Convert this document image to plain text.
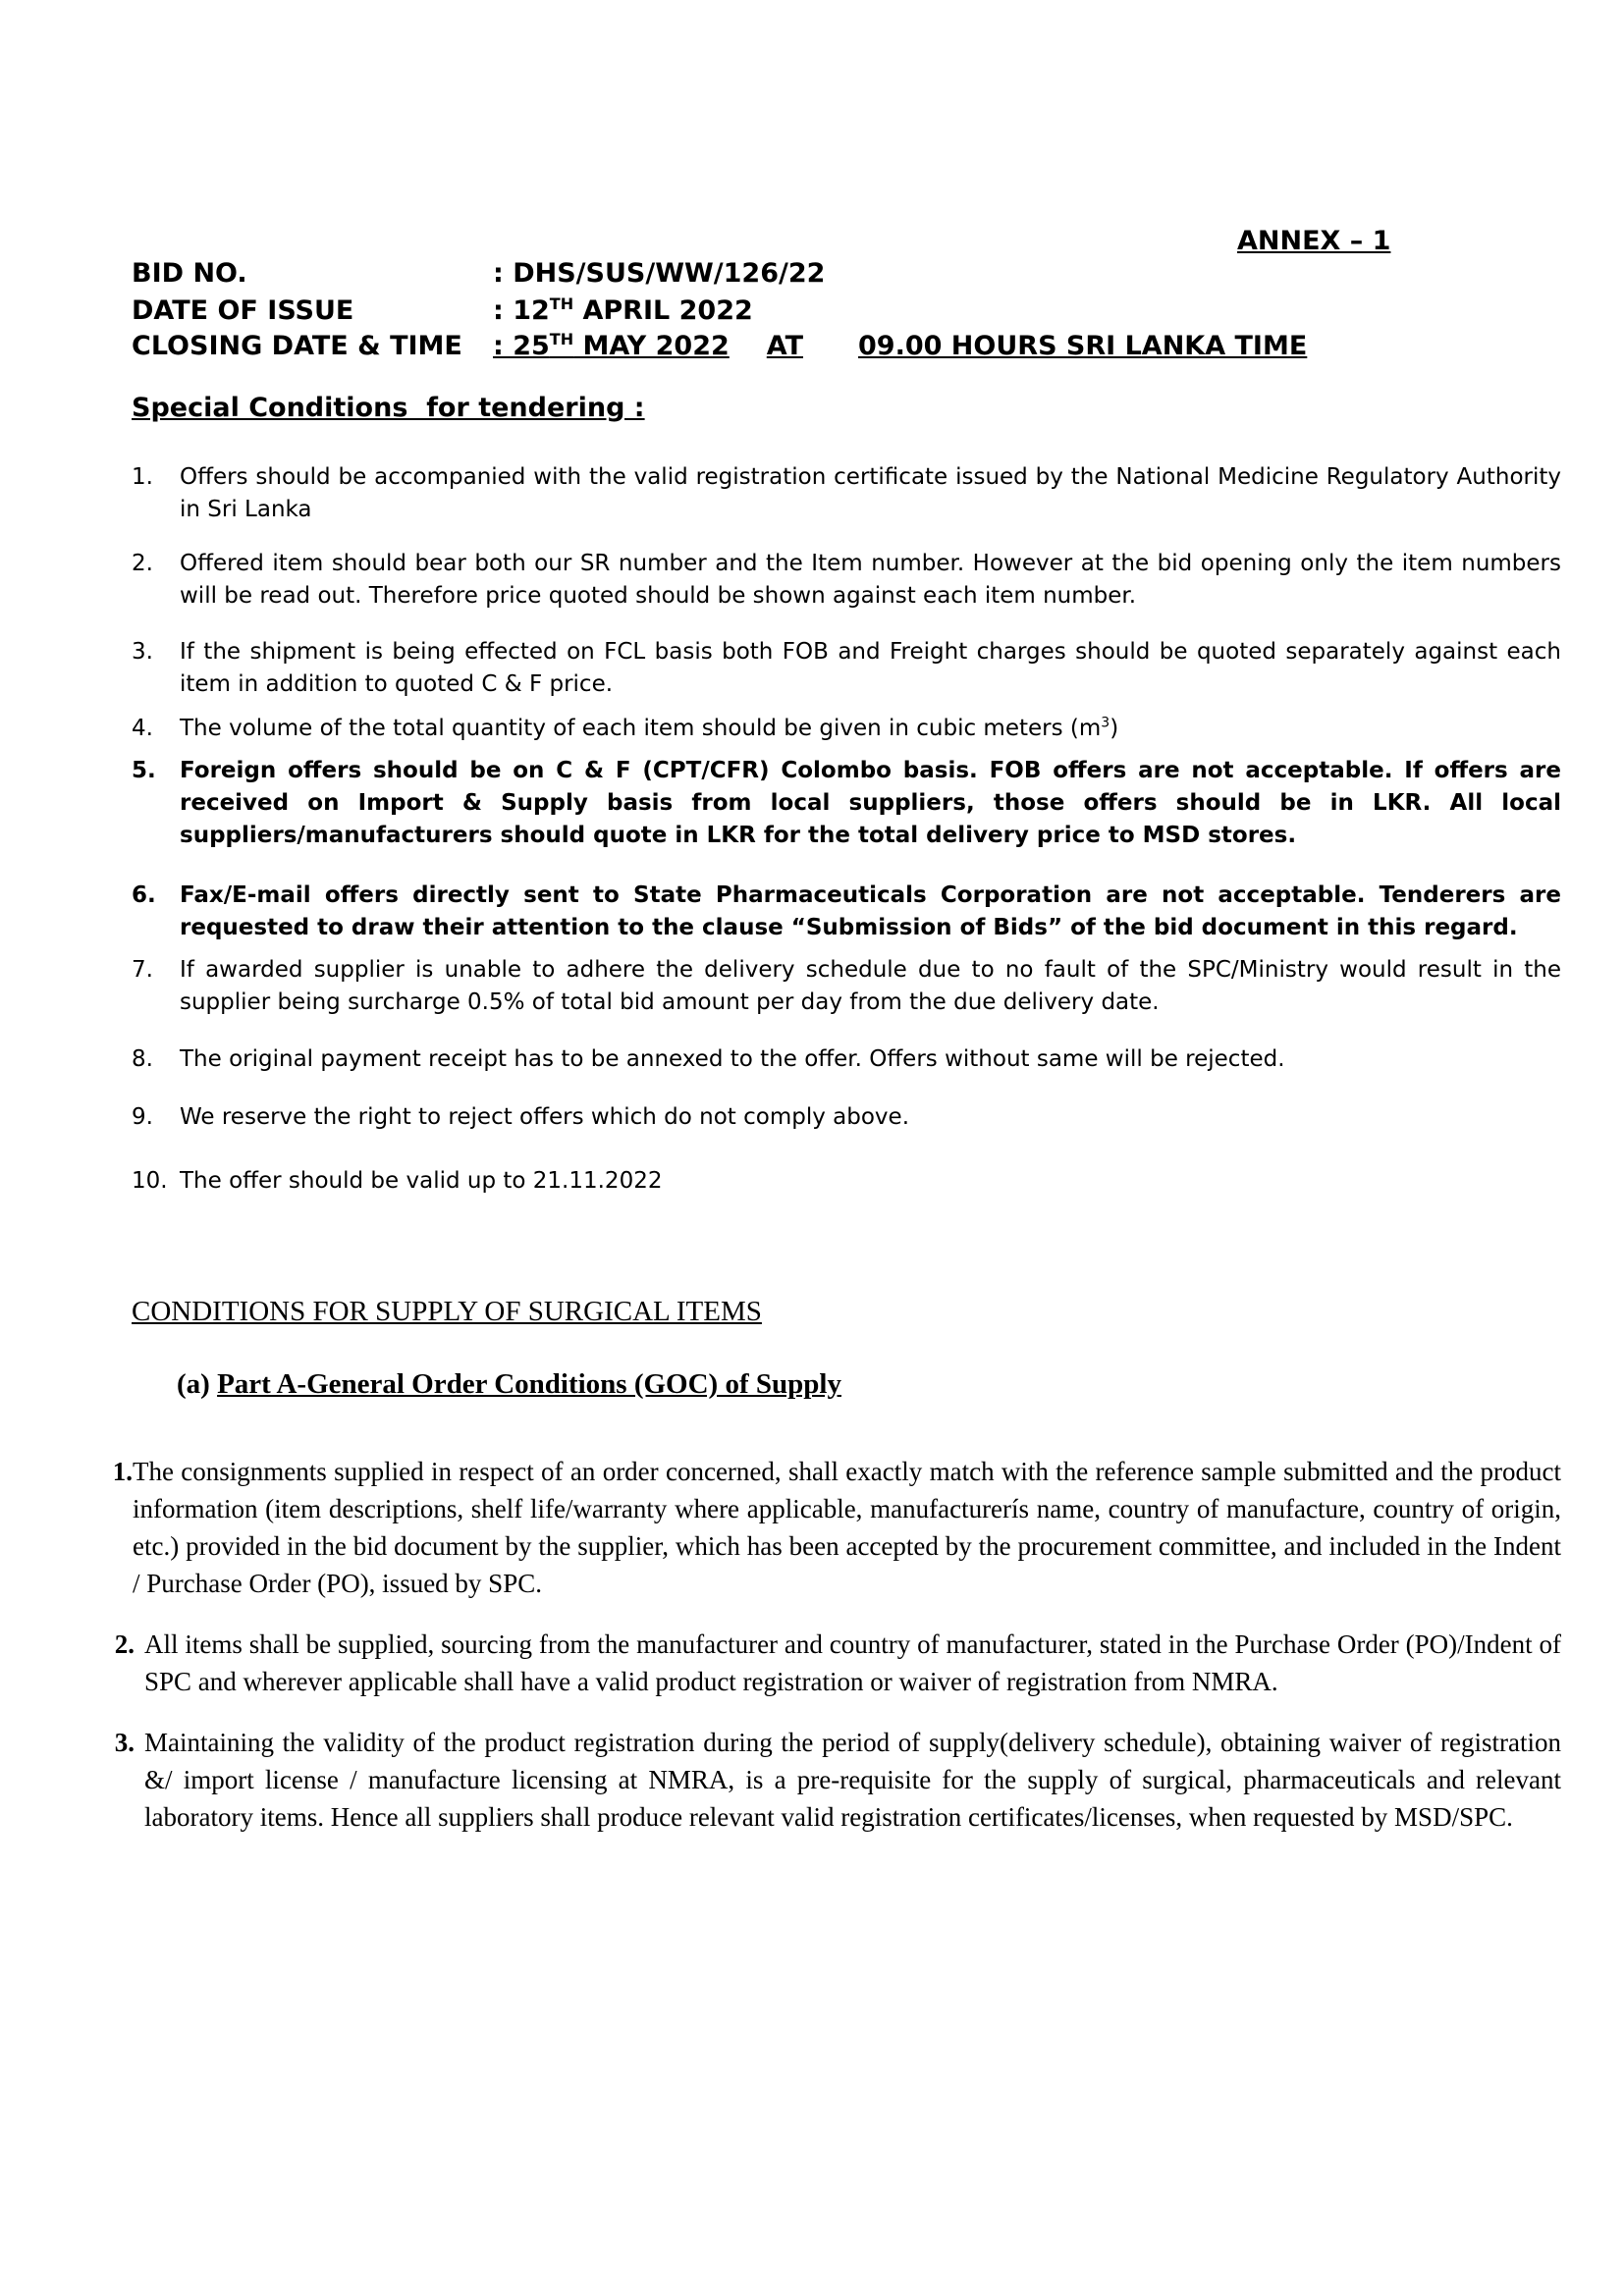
ANNEX – 1
BID NO.	: DHS/SUS/WW/126/22
DATE OF ISSUE	: 12TH APRIL 2022
CLOSING DATE & TIME : 25TH MAY 2022 AT 09.00 HOURS SRI LANKA TIME
Special Conditions  for tendering :
1.	Offers should be accompanied with the valid registration certificate issued by the National Medicine Regulatory Authority in Sri Lanka
2.	Offered item should bear both our SR number and the Item number. However at the bid opening only the item numbers will be read out. Therefore price quoted should be shown against each item number.
3.	If the shipment is being effected on FCL basis both FOB and Freight charges should be quoted separately against each item in addition to quoted C & F price.
4.	The volume of the total quantity of each item should be given in cubic meters $(m^3)$
5.	Foreign offers should be on C & F (CPT/CFR) Colombo basis. FOB offers are not acceptable. If offers are received on Import & Supply basis from local suppliers, those offers should be in LKR. All local suppliers/manufacturers should quote in LKR for the total delivery price to MSD stores.
6.	Fax/E-mail offers directly sent to State Pharmaceuticals Corporation are not acceptable. Tenderers are requested to draw their attention to the clause “Submission of Bids” of the bid document in this regard.
7.	If awarded supplier is unable to adhere the delivery schedule due to no fault of the SPC/Ministry would result in the supplier being surcharge 0.5% of total bid amount per day from the due delivery date.
8.	The original payment receipt has to be annexed to the offer. Offers without same will be rejected.
9.	We reserve the right to reject offers which do not comply above.
10. The offer should be valid up to 21.11.2022
CONDITIONS FOR SUPPLY OF SURGICAL ITEMS
(a) Part A-General Order Conditions (GOC) of Supply
1. The consignments supplied in respect of an order concerned, shall exactly match with the reference sample submitted and the product information (item descriptions, shelf life/warranty where applicable, manufacturerís name, country of manufacture, country of origin, etc.) provided in the bid document by the supplier, which has been accepted by the procurement committee, and included in the Indent / Purchase Order (PO), issued by SPC.
2. All items shall be supplied, sourcing from the manufacturer and country of manufacturer, stated in the Purchase Order (PO)/Indent of SPC and wherever applicable shall have a valid product registration or waiver of registration from NMRA.
3. Maintaining the validity of the product registration during the period of supply(delivery schedule), obtaining waiver of registration &/ import license / manufacture licensing at NMRA, is a pre-requisite for the supply of surgical, pharmaceuticals and relevant laboratory items. Hence all suppliers shall produce relevant valid registration certificates/licenses, when requested by MSD/SPC.
